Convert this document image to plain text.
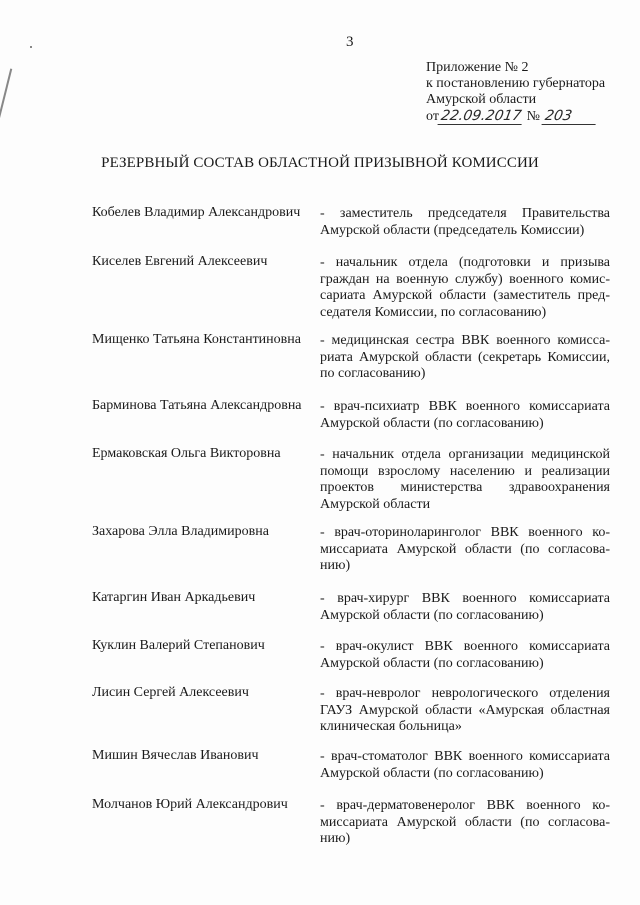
3
Приложение № 2
к постановлению губернатора
Амурской области
от22.09.2017 № 203
РЕЗЕРВНЫЙ СОСТАВ ОБЛАСТНОЙ ПРИЗЫВНОЙ КОМИССИИ
Кобелев Владимир Александрович - заместитель председателя Правительства Амурской области (председатель Комиссии)
Киселев Евгений Алексеевич	- начальник отдела (подготовки и призыва граждан на военную службу) военного комиссариата Амурской области (заместитель председателя Комиссии, по согласованию)
Мищенко Татьяна Константиновна - медицинская сестра ВВК военного комиссариата Амурской области (секретарь Комиссии, по согласованию)
Барминова Татьяна Александровна - врач-психиатр ВВК военного комиссариата Амурской области (по согласованию)
Ермаковская Ольга Викторовна	- начальник отдела организации медицинской помощи взрослому населению и реализации проектов министерства здравоохранения Амурской области
Захарова Элла Владимировна	- врач-оториноларинголог ВВК военного комиссариата Амурской области (по согласованию)
Катаргин Иван Аркадьевич	- врач-хирург ВВК военного комиссариата Амурской области (по согласованию)
Куклин Валерий Степанович	- врач-окулист ВВК военного комиссариата Амурской области (по согласованию)
Лисин Сергей Алексеевич	- врач-невролог неврологического отделения ГАУЗ Амурской области «Амурская областная клиническая больница»
Мишин Вячеслав Иванович	- врач-стоматолог ВВК военного комиссариата Амурской области (по согласованию)
Молчанов Юрий Александрович - врач-дерматовенеролог ВВК военного комиссариата Амурской области (по согласованию)
